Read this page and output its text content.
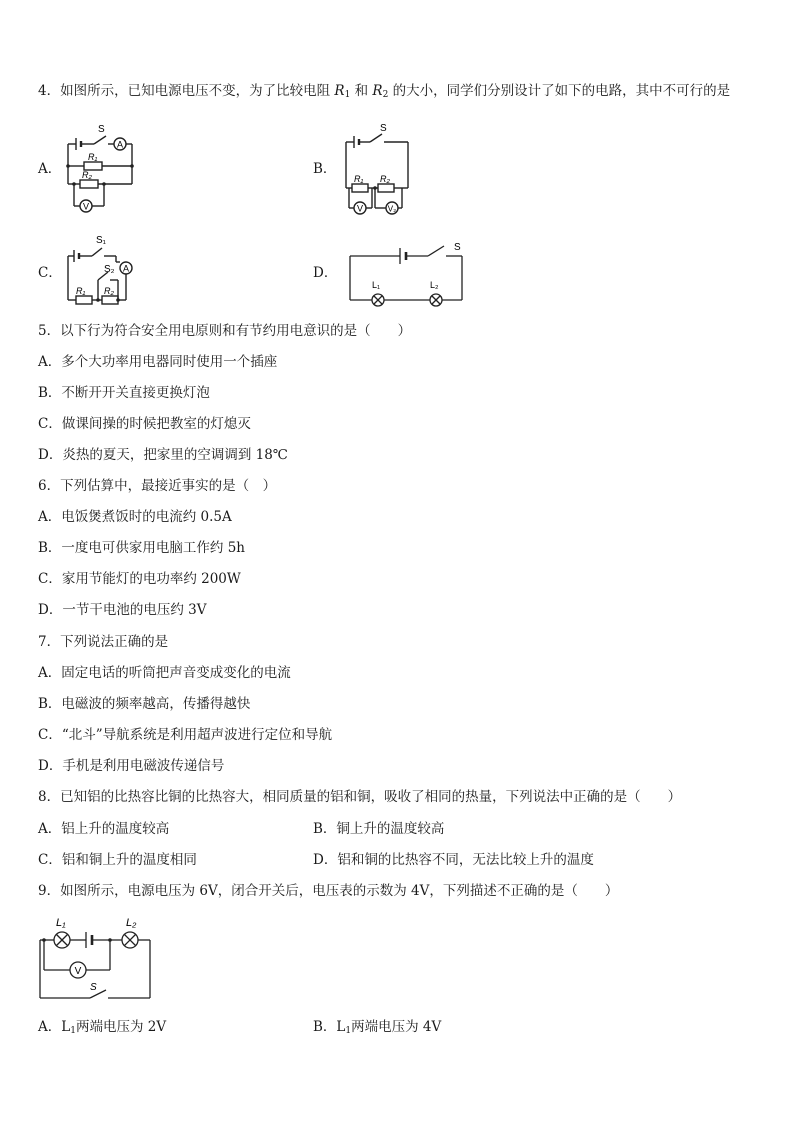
4．如图所示，已知电源电压不变，为了比较电阻 $R_1$ 和 $R_2$ 的大小，同学们分别设计了如下的电路，其中不可行的是
A．	B．
C．	D．
S
A
R₁
R₂
V
S
R₁ R₂
V	V₂
S₁
S₂ A
R₁ R₂
S
L₁	L₂
5．以下行为符合安全用电原则和有节约用电意识的是（　　）
A．多个大功率用电器同时使用一个插座
B．不断开开关直接更换灯泡
C．做课间操的时候把教室的灯熄灭
D．炎热的夏天，把家里的空调调到 18℃
6．下列估算中，最接近事实的是（　）
A．电饭煲煮饭时的电流约 0.5A
B．一度电可供家用电脑工作约 5h
C．家用节能灯的电功率约 200W
D．一节干电池的电压约 3V
7．下列说法正确的是
A．固定电话的听筒把声音变成变化的电流
B．电磁波的频率越高，传播得越快
C．“北斗”导航系统是利用超声波进行定位和导航
D．手机是利用电磁波传递信号
8．已知铝的比热容比铜的比热容大，相同质量的铝和铜，吸收了相同的热量，下列说法中正确的是（　　）
A．铝上升的温度较高	B．铜上升的温度较高
C．铝和铜上升的温度相同	D．铝和铜的比热容不同，无法比较上升的温度
9．如图所示，电源电压为 6V，闭合开关后，电压表的示数为 4V，下列描述不正确的是（　　）
L₁	L₂
V
S
A．$L_1$两端电压为 2V	B．$L_1$两端电压为 4V
